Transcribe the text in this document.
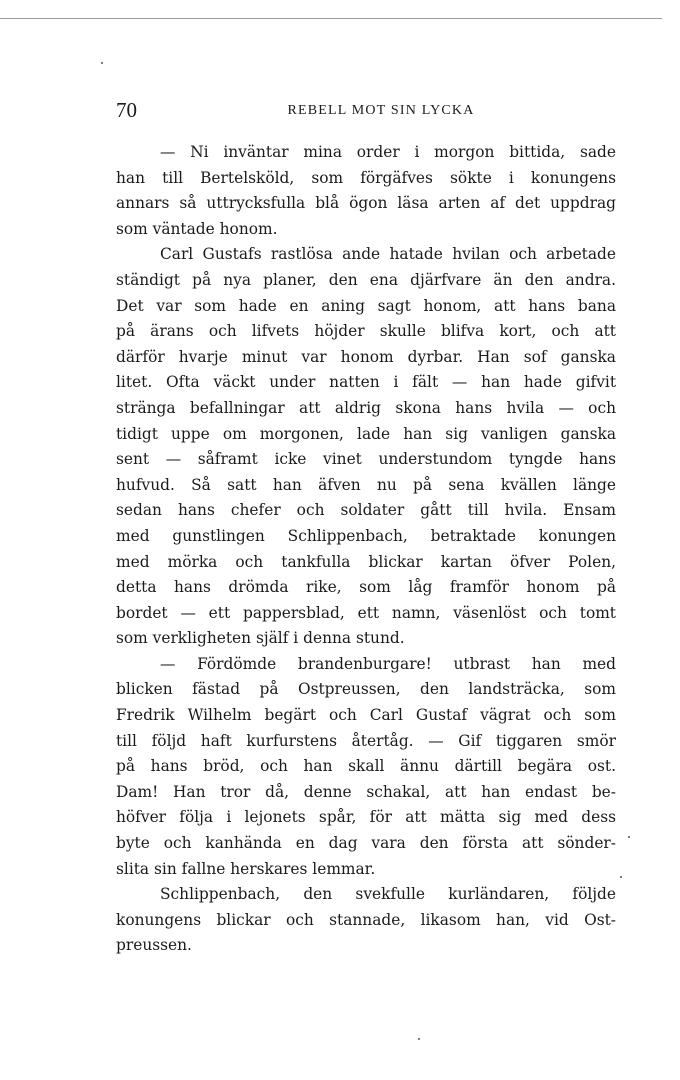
70	REBELL MOT SIN LYCKA

— Ni inväntar mina order i morgon bittida, sade
han till Bertelsköld, som förgäfves sökte i konungens
annars så uttrycksfulla blå ögon läsa arten af det uppdrag
som väntade honom.

Carl Gustafs rastlösa ande hatade hvilan och arbetade
ständigt på nya planer, den ena djärfvare än den andra.
Det var som hade en aning sagt honom, att hans bana
på ärans och lifvets höjder skulle blifva kort, och att
därför hvarje minut var honom dyrbar. Han sof ganska
litet. Ofta väckt under natten i fält — han hade gifvit
stränga befallningar att aldrig skona hans hvila — och
tidigt uppe om morgonen, lade han sig vanligen ganska
sent — såframt icke vinet understundom tyngde hans
hufvud. Så satt han äfven nu på sena kvällen länge
sedan hans chefer och soldater gått till hvila. Ensam
med gunstlingen Schlippenbach, betraktade konungen
med mörka och tankfulla blickar kartan öfver Polen,
detta hans drömda rike, som låg framför honom på
bordet — ett pappersblad, ett namn, väsenlöst och tomt
som verkligheten själf i denna stund.

— Fördömde brandenburgare! utbrast han med
blicken fästad på Ostpreussen, den landsträcka, som
Fredrik Wilhelm begärt och Carl Gustaf vägrat och som
till följd haft kurfurstens återtåg. — Gif tiggaren smör
på hans bröd, och han skall ännu därtill begära ost.
Dam! Han tror då, denne schakal, att han endast be-
höfver följa i lejonets spår, för att mätta sig med dess
byte och kanhända en dag vara den första att sönder-
slita sin fallne herskares lemmar.

Schlippenbach, den svekfulle kurländaren, följde
konungens blickar och stannade, likasom han, vid Ost-
preussen.
